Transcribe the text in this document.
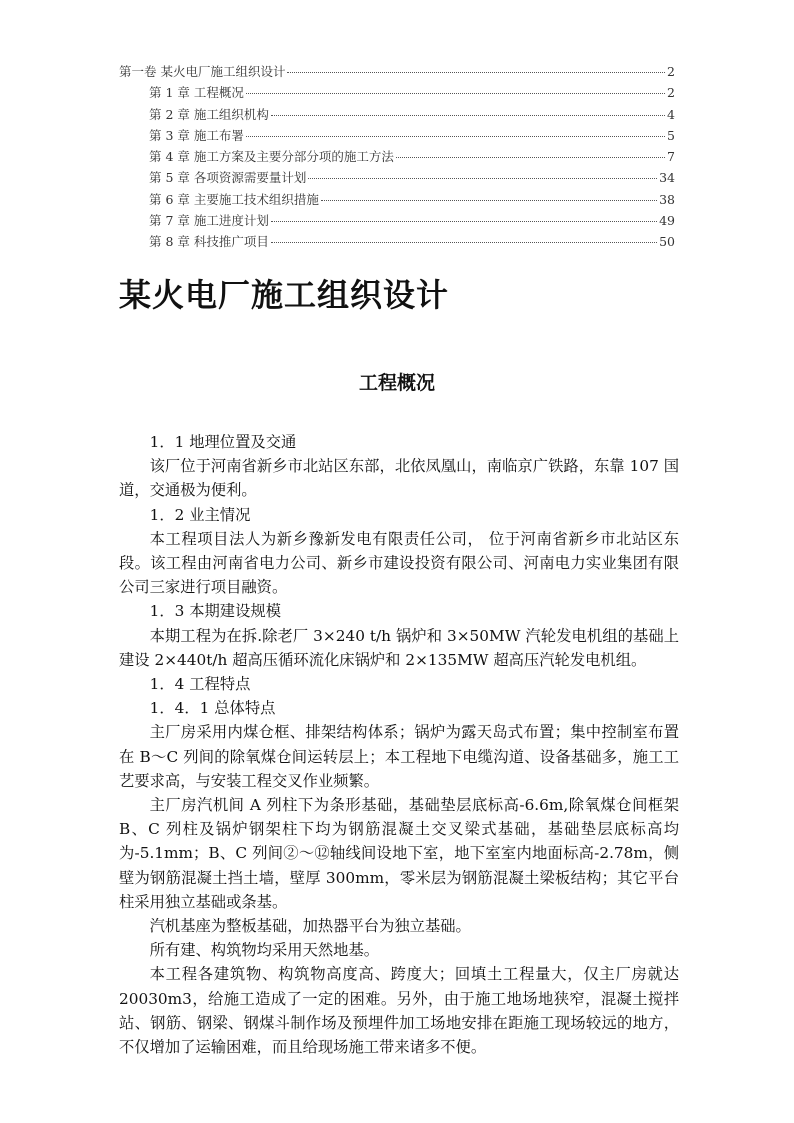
第一卷 某火电厂施工组织设计	2
第 1 章 工程概况	2
第 2 章 施工组织机构	4
第 3 章 施工布署	5
第 4 章 施工方案及主要分部分项的施工方法	7
第 5 章 各项资源需要量计划	34
第 6 章 主要施工技术组织措施	38
第 7 章 施工进度计划	49
第 8 章 科技推广项目	50
某火电厂施工组织设计
工程概况

1．1 地理位置及交通

该厂位于河南省新乡市北站区东部，北依凤凰山，南临京广铁路，东靠 107 国道，交通极为便利。

1．2 业主情况

本工程项目法人为新乡豫新发电有限责任公司， 位于河南省新乡市北站区东段。该工程由河南省电力公司、新乡市建设投资有限公司、河南电力实业集团有限公司三家进行项目融资。

1．3 本期建设规模

本期工程为在拆.除老厂 3×240 t/h 锅炉和 3×50MW 汽轮发电机组的基础上建设 2×440t/h 超高压循环流化床锅炉和 2×135MW 超高压汽轮发电机组。

1．4 工程特点

1．4．1 总体特点

主厂房采用内煤仓框、排架结构体系；锅炉为露天岛式布置；集中控制室布置在 B～C 列间的除氧煤仓间运转层上；本工程地下电缆沟道、设备基础多，施工工艺要求高，与安装工程交叉作业频繁。

主厂房汽机间 A 列柱下为条形基础，基础垫层底标高-6.6m,除氧煤仓间框架 B、C 列柱及锅炉钢架柱下均为钢筋混凝土交叉梁式基础，基础垫层底标高均为-5.1mm；B、C 列间②～⑫轴线间设地下室，地下室室内地面标高-2.78m，侧壁为钢筋混凝土挡土墙，壁厚 300mm，零米层为钢筋混凝土梁板结构；其它平台柱采用独立基础或条基。

汽机基座为整板基础，加热器平台为独立基础。

所有建、构筑物均采用天然地基。

本工程各建筑物、构筑物高度高、跨度大；回填土工程量大，仅主厂房就达 20030m3，给施工造成了一定的困难。另外，由于施工地场地狭窄，混凝土搅拌站、钢筋、钢梁、钢煤斗制作场及预埋件加工场地安排在距施工现场较远的地方，不仅增加了运输困难，而且给现场施工带来诸多不便。
